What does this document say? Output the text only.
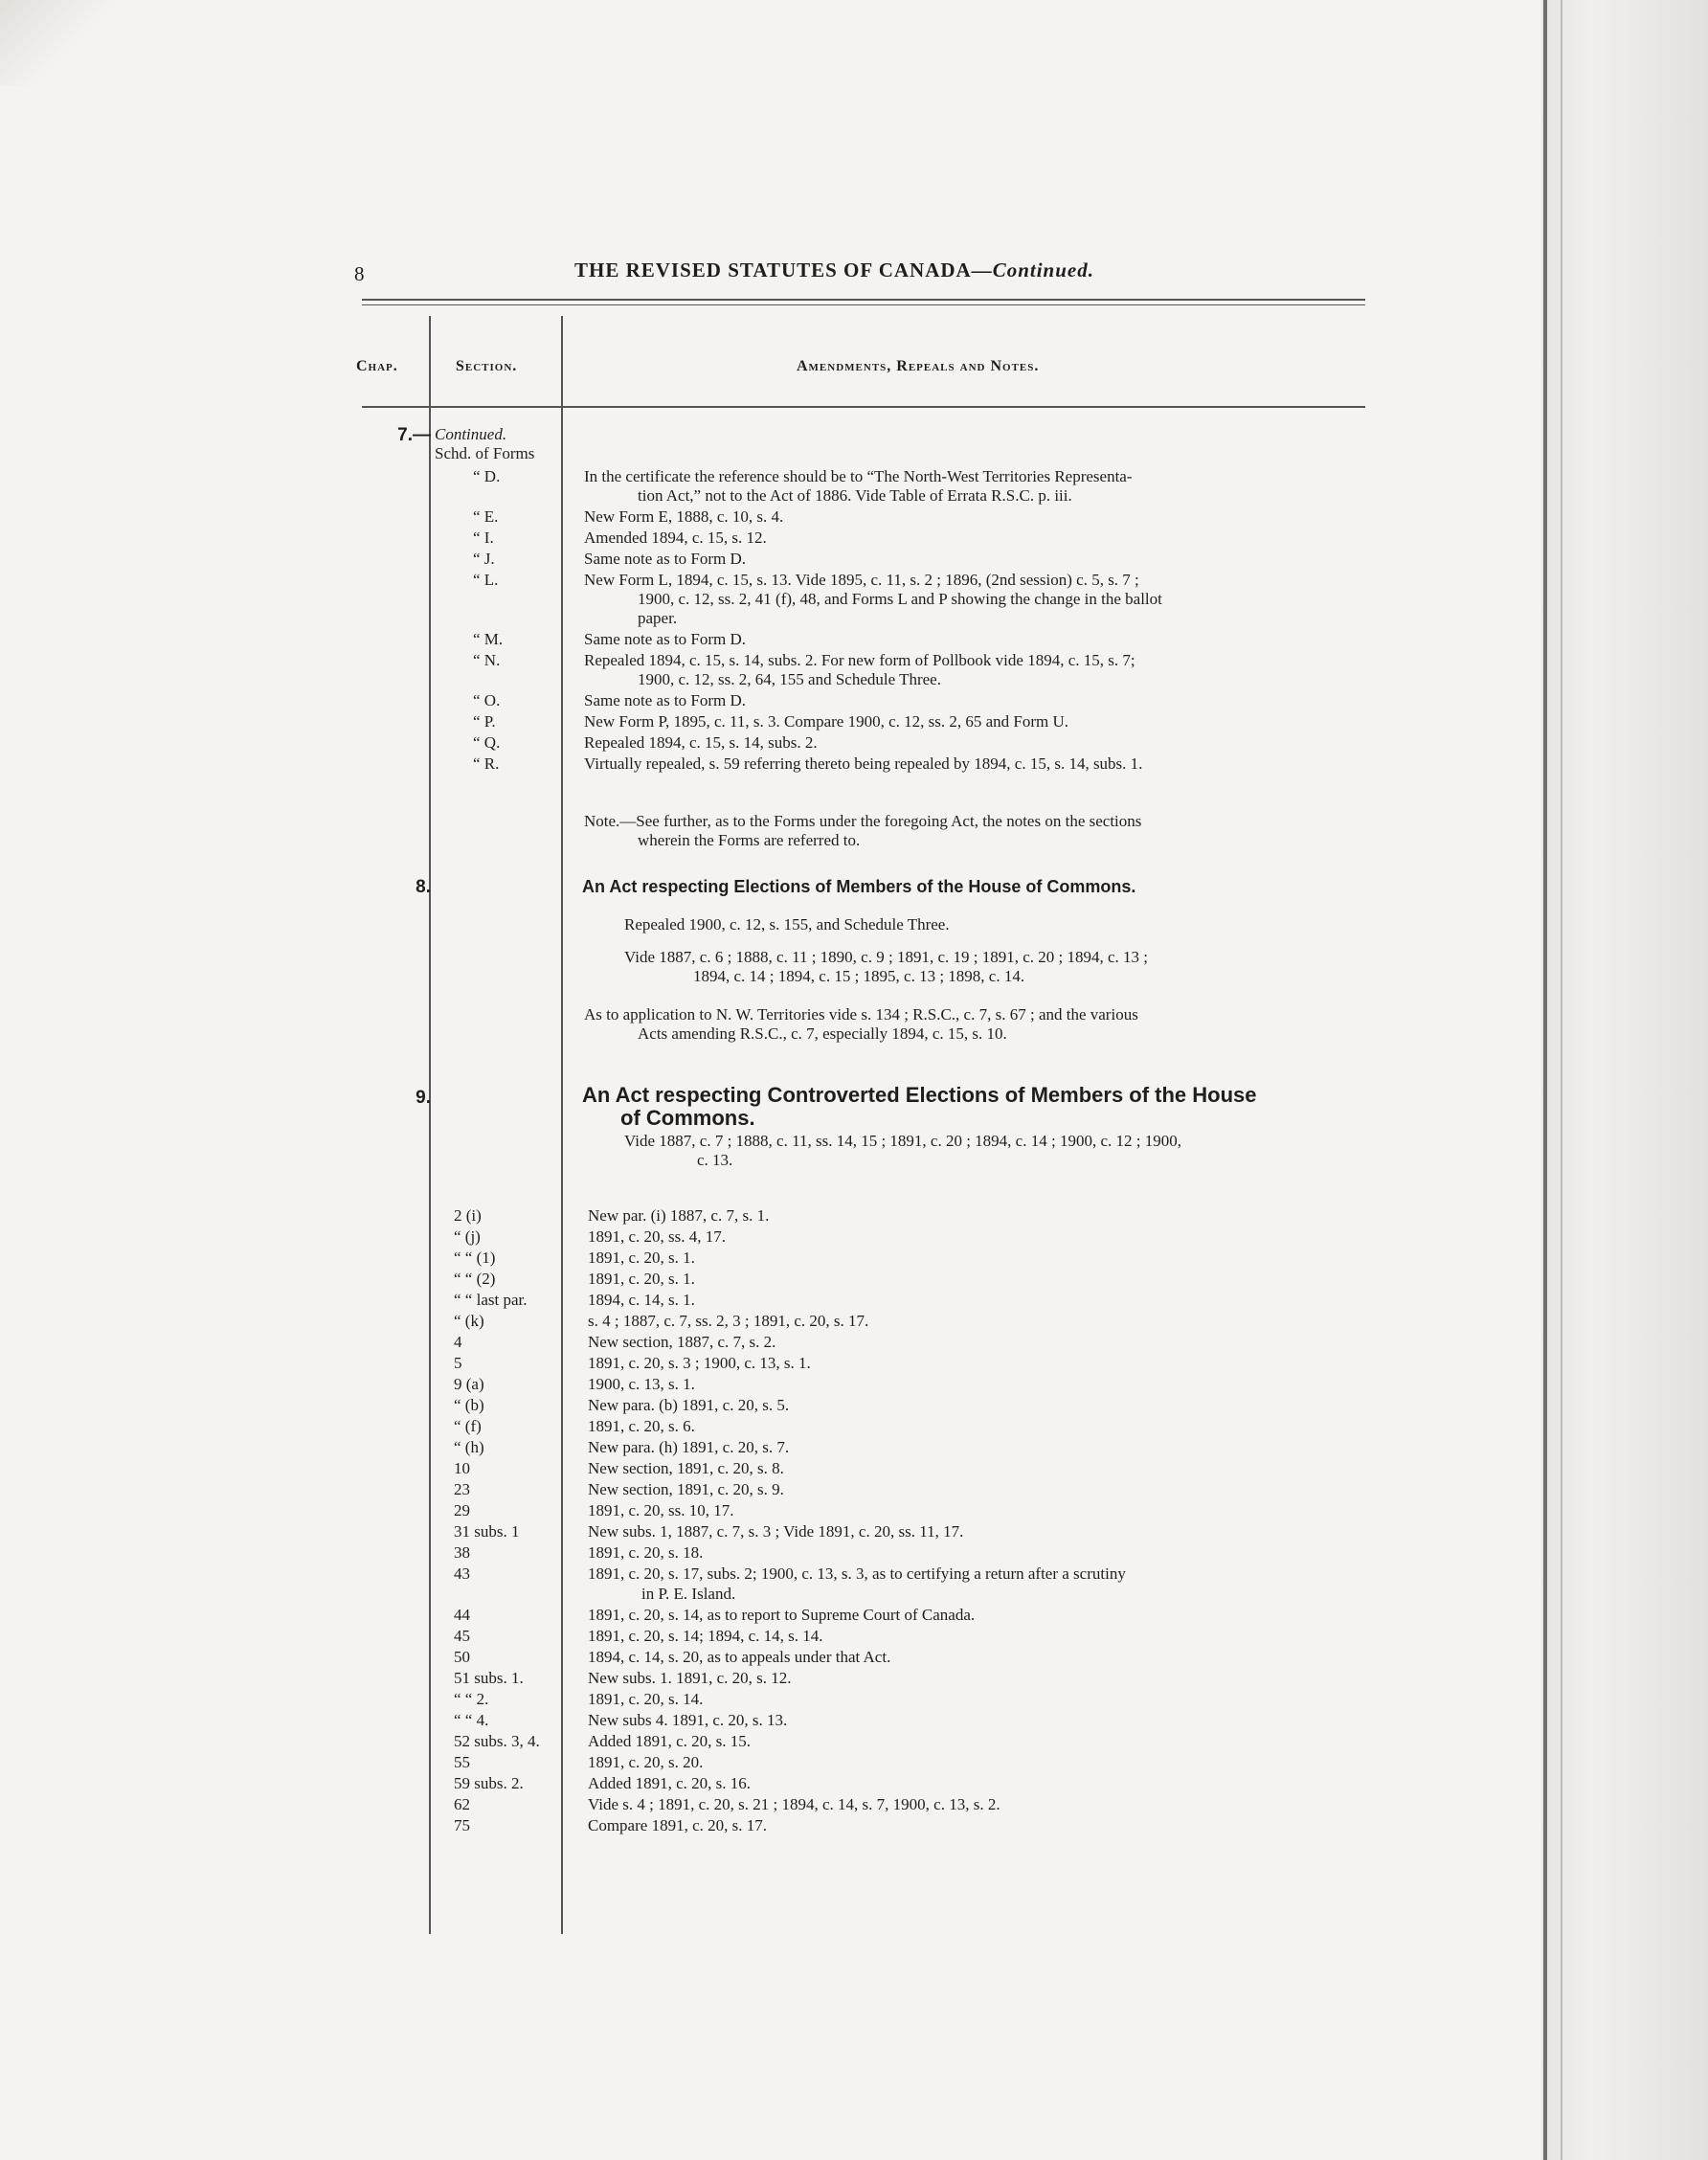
8	THE REVISED STATUTES OF CANADA—Continued.
Chap.	Section.	Amendments, Repeals and Notes.
7.— Continued.
Schd. of Forms
“ D.	In the certificate the reference should be to “The North-West Territories Representa-
tion Act,” not to the Act of 1886. Vide Table of Errata R.S.C. p. iii.
“ E.	New Form E, 1888, c. 10, s. 4.
“ I.	Amended 1894, c. 15, s. 12.
“ J.	Same note as to Form D.
“ L.	New Form L, 1894, c. 15, s. 13. Vide 1895, c. 11, s. 2 ; 1896, (2nd session) c. 5, s. 7 ;
1900, c. 12, ss. 2, 41 (f), 48, and Forms L and P showing the change in the ballot
paper.
“ M.	Same note as to Form D.
“ N.	Repealed 1894, c. 15, s. 14, subs. 2. For new form of Pollbook vide 1894, c. 15, s. 7;
1900, c. 12, ss. 2, 64, 155 and Schedule Three.
“ O.	Same note as to Form D.
“ P.	New Form P, 1895, c. 11, s. 3. Compare 1900, c. 12, ss. 2, 65 and Form U.
“ Q.	Repealed 1894, c. 15, s. 14, subs. 2.
“ R.	Virtually repealed, s. 59 referring thereto being repealed by 1894, c. 15, s. 14, subs. 1.
Note.—See further, as to the Forms under the foregoing Act, the notes on the sections
wherein the Forms are referred to.
8.	An Act respecting Elections of Members of the House of Commons.
Repealed 1900, c. 12, s. 155, and Schedule Three.
Vide 1887, c. 6 ; 1888, c. 11 ; 1890, c. 9 ; 1891, c. 19 ; 1891, c. 20 ; 1894, c. 13 ;
1894, c. 14 ; 1894, c. 15 ; 1895, c. 13 ; 1898, c. 14.
As to application to N. W. Territories vide s. 134 ; R.S.C., c. 7, s. 67 ; and the various
Acts amending R.S.C., c. 7, especially 1894, c. 15, s. 10.
9.	An Act respecting Controverted Elections of Members of the House
of Commons.
Vide 1887, c. 7 ; 1888, c. 11, ss. 14, 15 ; 1891, c. 20 ; 1894, c. 14 ; 1900, c. 12 ; 1900,
c. 13.
2 (i)	New par. (i) 1887, c. 7, s. 1.
“ (j)	1891, c. 20, ss. 4, 17.
“ “ (1)	1891, c. 20, s. 1.
“ “ (2)	1891, c. 20, s. 1.
“ “ last par.	1894, c. 14, s. 1.
“ (k)	s. 4 ; 1887, c. 7, ss. 2, 3 ; 1891, c. 20, s. 17.
4	New section, 1887, c. 7, s. 2.
5	1891, c. 20, s. 3 ; 1900, c. 13, s. 1.
9 (a)	1900, c. 13, s. 1.
“ (b)	New para. (b) 1891, c. 20, s. 5.
“ (f)	1891, c. 20, s. 6.
“ (h)	New para. (h) 1891, c. 20, s. 7.
10	New section, 1891, c. 20, s. 8.
23	New section, 1891, c. 20, s. 9.
29	1891, c. 20, ss. 10, 17.
31 subs. 1	New subs. 1, 1887, c. 7, s. 3 ; Vide 1891, c. 20, ss. 11, 17.
38	1891, c. 20, s. 18.
43	1891, c. 20, s. 17, subs. 2; 1900, c. 13, s. 3, as to certifying a return after a scrutiny
in P. E. Island.
44	1891, c. 20, s. 14, as to report to Supreme Court of Canada.
45	1891, c. 20, s. 14; 1894, c. 14, s. 14.
50	1894, c. 14, s. 20, as to appeals under that Act.
51 subs. 1.	New subs. 1. 1891, c. 20, s. 12.
“ “ 2.	1891, c. 20, s. 14.
“ “ 4.	New subs 4. 1891, c. 20, s. 13.
52 subs. 3, 4.	Added 1891, c. 20, s. 15.
55	1891, c. 20, s. 20.
59 subs. 2.	Added 1891, c. 20, s. 16.
62	Vide s. 4 ; 1891, c. 20, s. 21 ; 1894, c. 14, s. 7, 1900, c. 13, s. 2.
75	Compare 1891, c. 20, s. 17.
